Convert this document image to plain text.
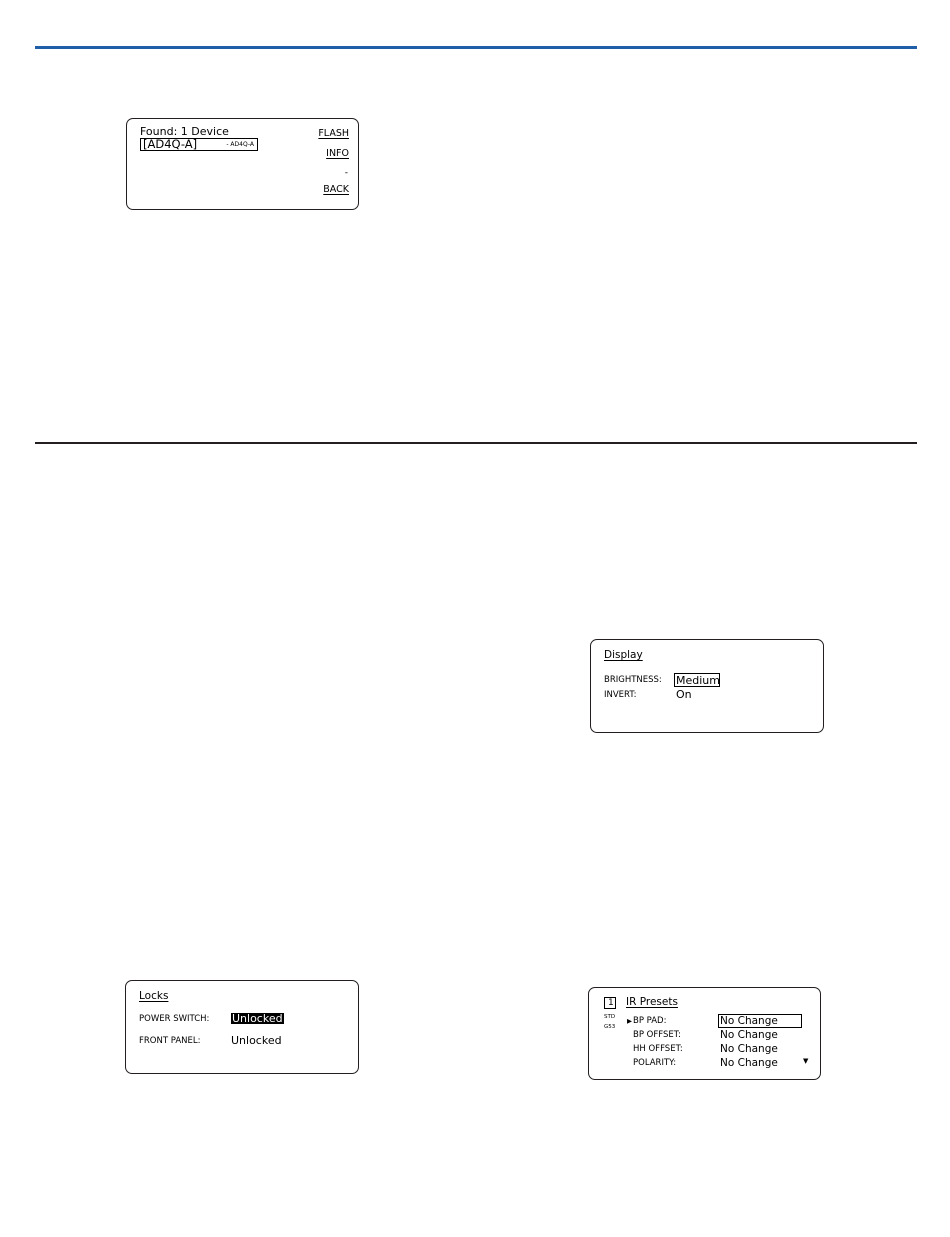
Found: 1 Device
[AD4Q-A]	- AD4Q-A
FLASH
INFO
-
BACK
Display
BRIGHTNESS: Medium
INVERT:	On
Locks
POWER SWITCH: Unlocked
FRONT PANEL:	Unlocked
1 IR Presets
STD
G53
▶ BP PAD:	No Change
BP OFFSET:	No Change
HH OFFSET:	No Change
POLARITY:	No Change	▼
